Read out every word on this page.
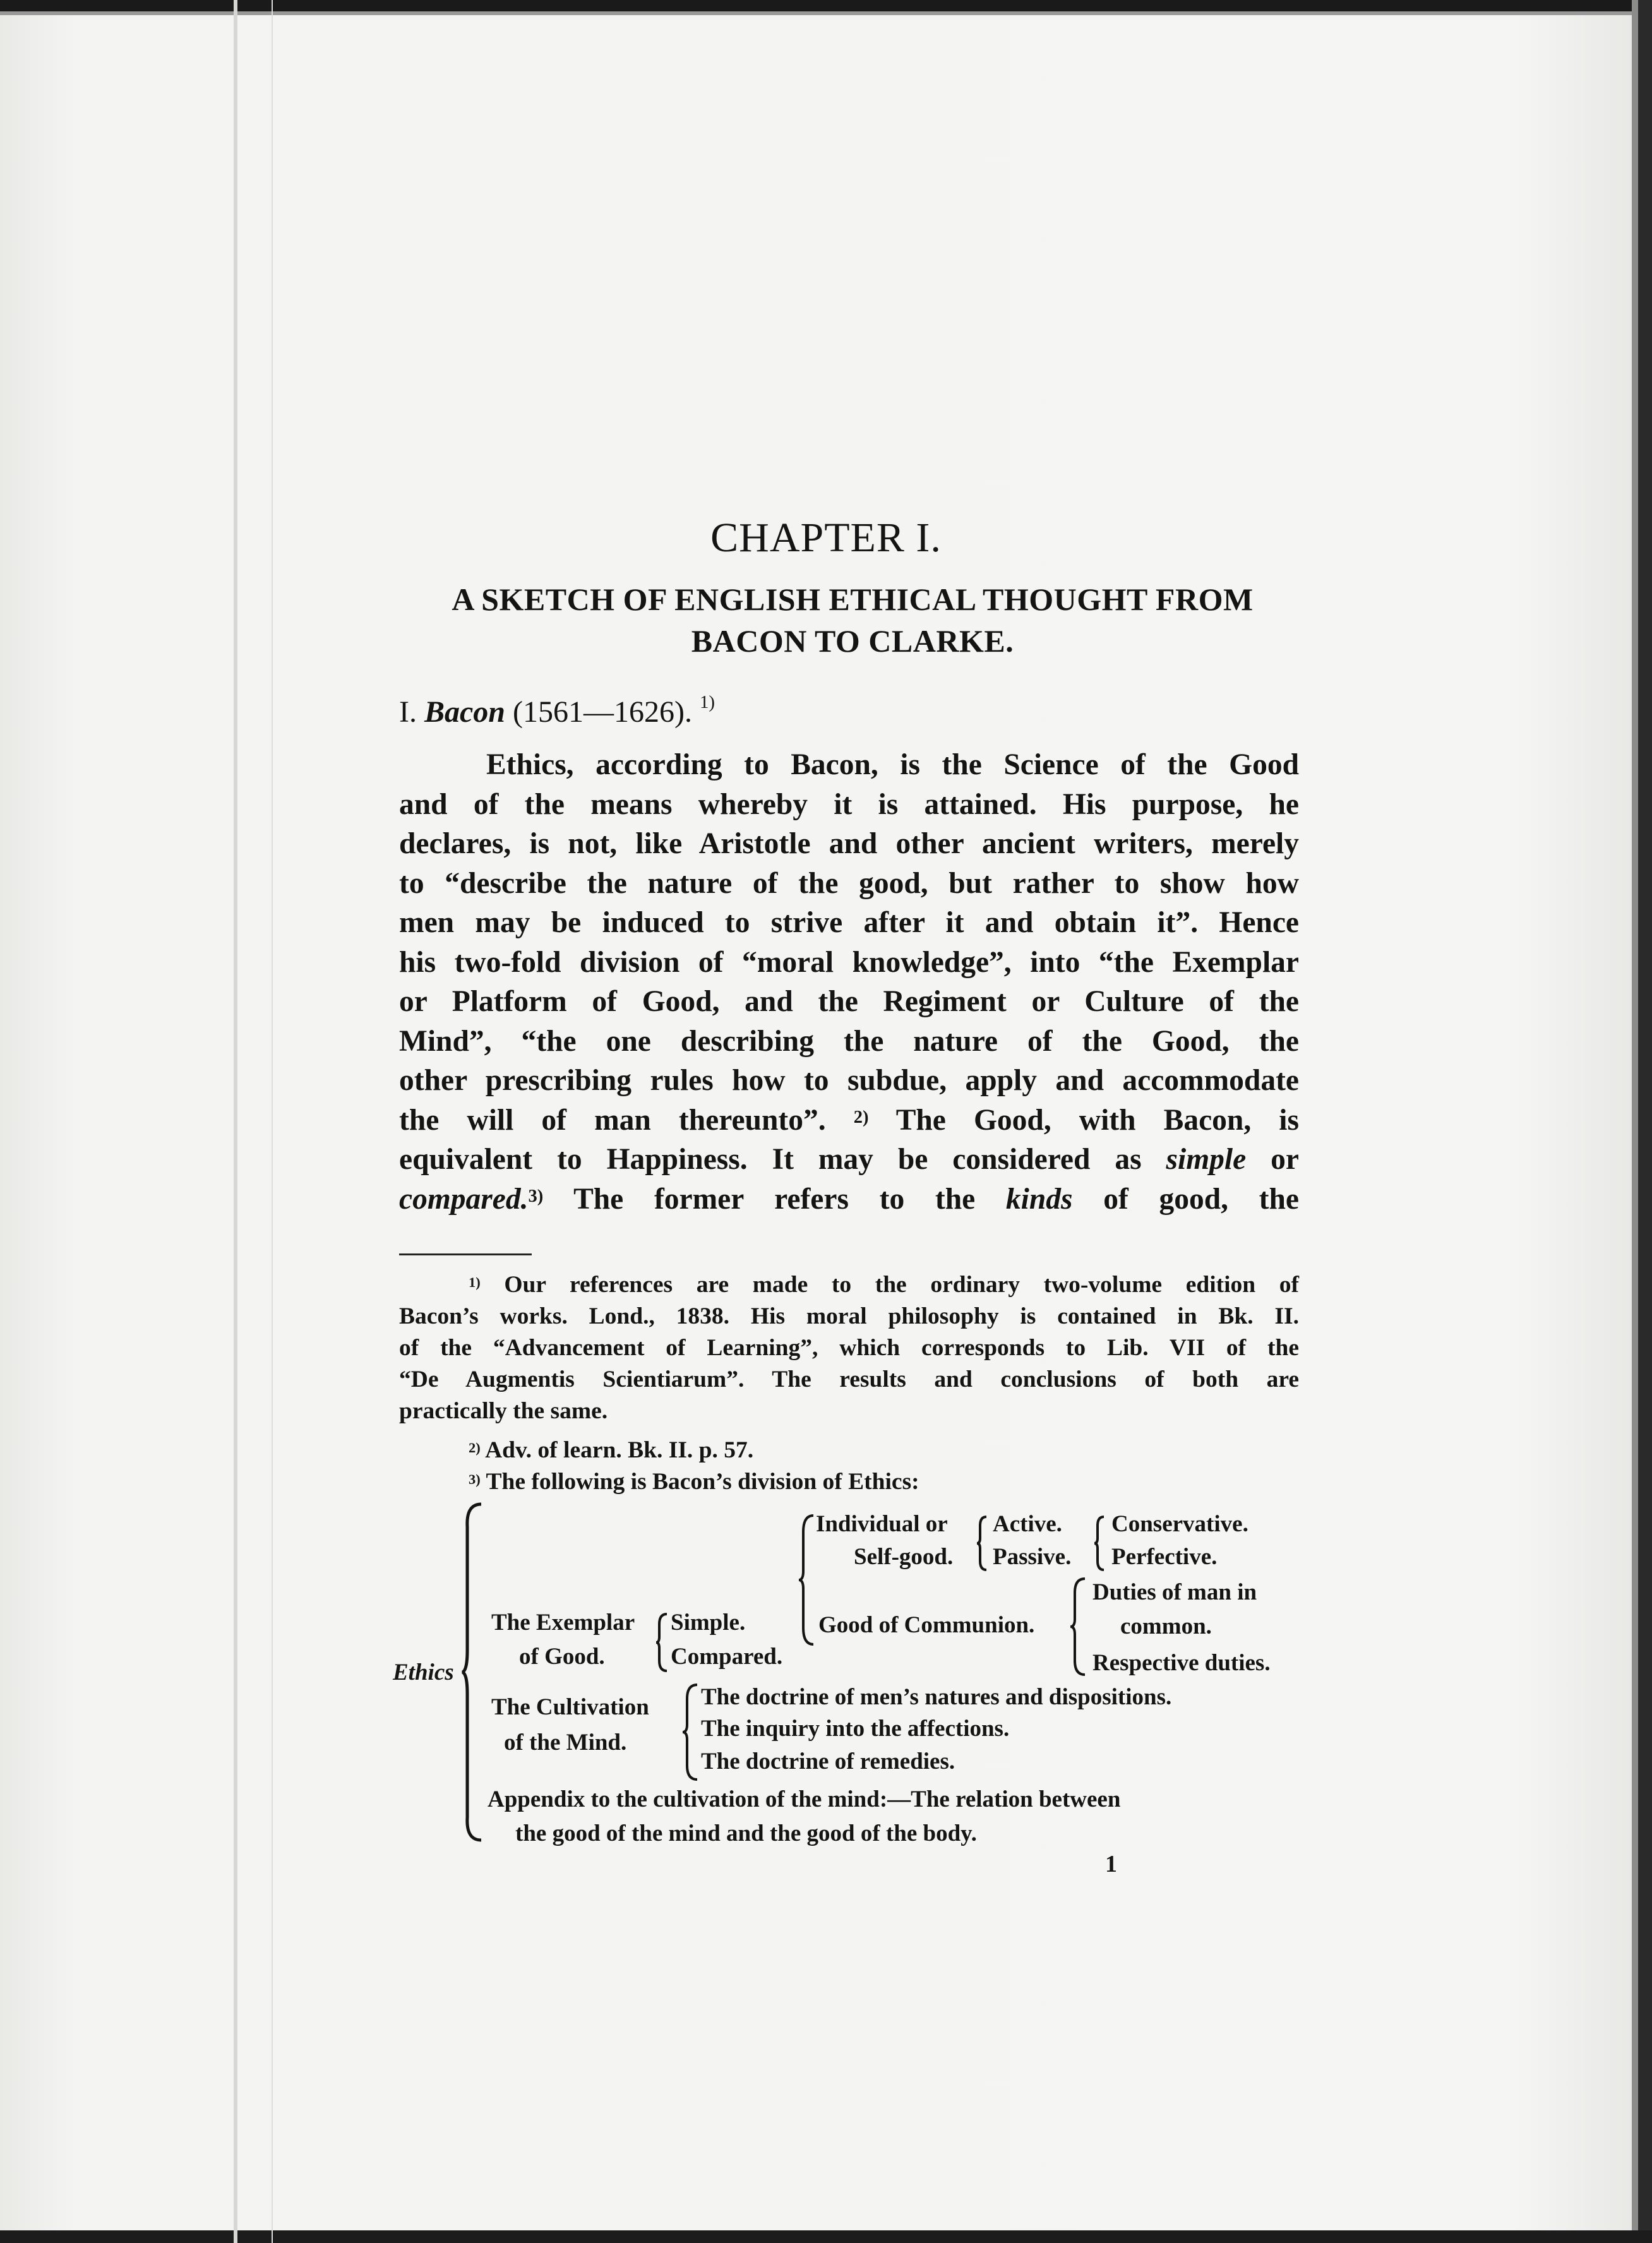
CHAPTER I.
A SKETCH OF ENGLISH ETHICAL THOUGHT FROM
BACON TO CLARKE.
I. Bacon (1561—1626). $^{1)}$
Ethics, according to Bacon, is the Science of the Good
and of the means whereby it is attained. His purpose, he
declares, is not, like Aristotle and other ancient writers, merely
to “describe the nature of the good, but rather to show how
men may be induced to strive after it and obtain it”. Hence
his two-fold division of “moral knowledge”, into “the Exemplar
or Platform of Good, and the Regiment or Culture of the
Mind”, “the one describing the nature of the Good, the
other prescribing rules how to subdue, apply and accommodate
the will of man thereunto”. $^{2)}$ The Good, with Bacon, is
equivalent to Happiness. It may be considered as simple or
compared.$^{3)}$ The former refers to the kinds of good, the
$^{1)}$ Our references are made to the ordinary two-volume edition of
Bacon’s works. Lond., 1838. His moral philosophy is contained in Bk. II.
of the “Advancement of Learning”, which corresponds to Lib. VII of the
“De Augmentis Scientiarum”. The results and conclusions of both are
practically the same.
$^{2)}$ Adv. of learn. Bk. II. p. 57.
$^{3)}$ The following is Bacon’s division of Ethics:
Ethics
The Exemplar
of Good.
Simple.
Compared.
Individual or
Self-good.
Active.
Passive.
Conservative.
Perfective.
Good of Communion.
Duties of man in
common.
Respective duties.
The Cultivation
of the Mind.
The doctrine of men’s natures and dispositions.
The inquiry into the affections.
The doctrine of remedies.
Appendix to the cultivation of the mind:—The relation between
the good of the mind and the good of the body.
1
